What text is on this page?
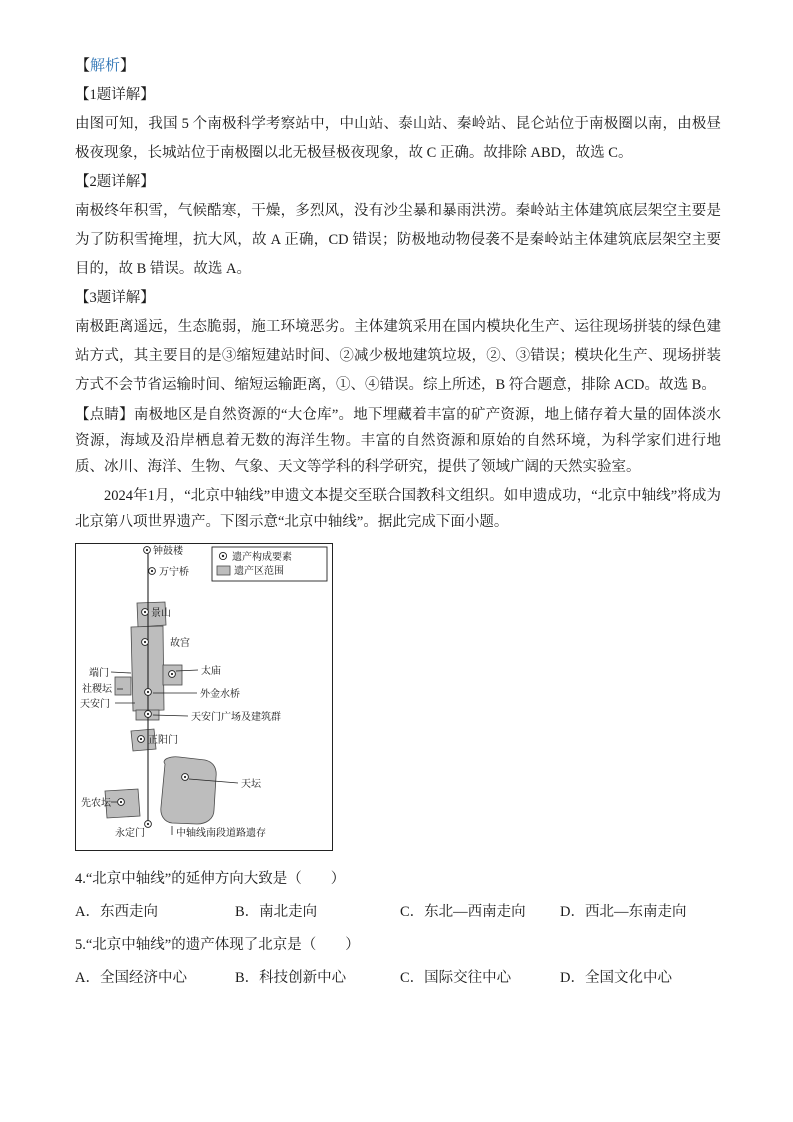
【解析】
【1题详解】
由图可知，我国 5 个南极科学考察站中，中山站、泰山站、秦岭站、昆仑站位于南极圈以南，由极昼极夜现象，长城站位于南极圈以北无极昼极夜现象，故 C 正确。故排除 ABD，故选 C。
【2题详解】
南极终年积雪，气候酷寒，干燥，多烈风，没有沙尘暴和暴雨洪涝。秦岭站主体建筑底层架空主要是为了防积雪掩埋，抗大风，故 A 正确，CD 错误；防极地动物侵袭不是秦岭站主体建筑底层架空主要目的，故 B 错误。故选 A。
【3题详解】
南极距离遥远，生态脆弱，施工环境恶劣。主体建筑采用在国内模块化生产、运往现场拼装的绿色建站方式，其主要目的是③缩短建站时间、②减少极地建筑垃圾，②、③错误；模块化生产、现场拼装方式不会节省运输时间、缩短运输距离，①、④错误。综上所述，B 符合题意，排除 ACD。故选 B。
【点睛】南极地区是自然资源的“大仓库”。地下埋藏着丰富的矿产资源，地上储存着大量的固体淡水资源，海域及沿岸栖息着无数的海洋生物。丰富的自然资源和原始的自然环境，为科学家们进行地质、冰川、海洋、生物、气象、天文等学科的科学研究，提供了领域广阔的天然实验室。
2024年1月，“北京中轴线”申遗文本提交至联合国教科文组织。如申遗成功，“北京中轴线”将成为北京第八项世界遗产。下图示意“北京中轴线”。据此完成下面小题。
钟鼓楼
万宁桥
景山
故宫
端门
社稷坛
天安门
太庙
外金水桥
天安门广场及建筑群
正阳门
天坛
先农坛
永定门	中轴线南段道路遗存
遗产构成要素
遗产区范围
4.“北京中轴线”的延伸方向大致是（　　）
A．东西走向	B．南北走向	C．东北—西南走向	D．西北—东南走向
5.“北京中轴线”的遗产体现了北京是（　　）
A．全国经济中心	B．科技创新中心	C．国际交往中心	D．全国文化中心
